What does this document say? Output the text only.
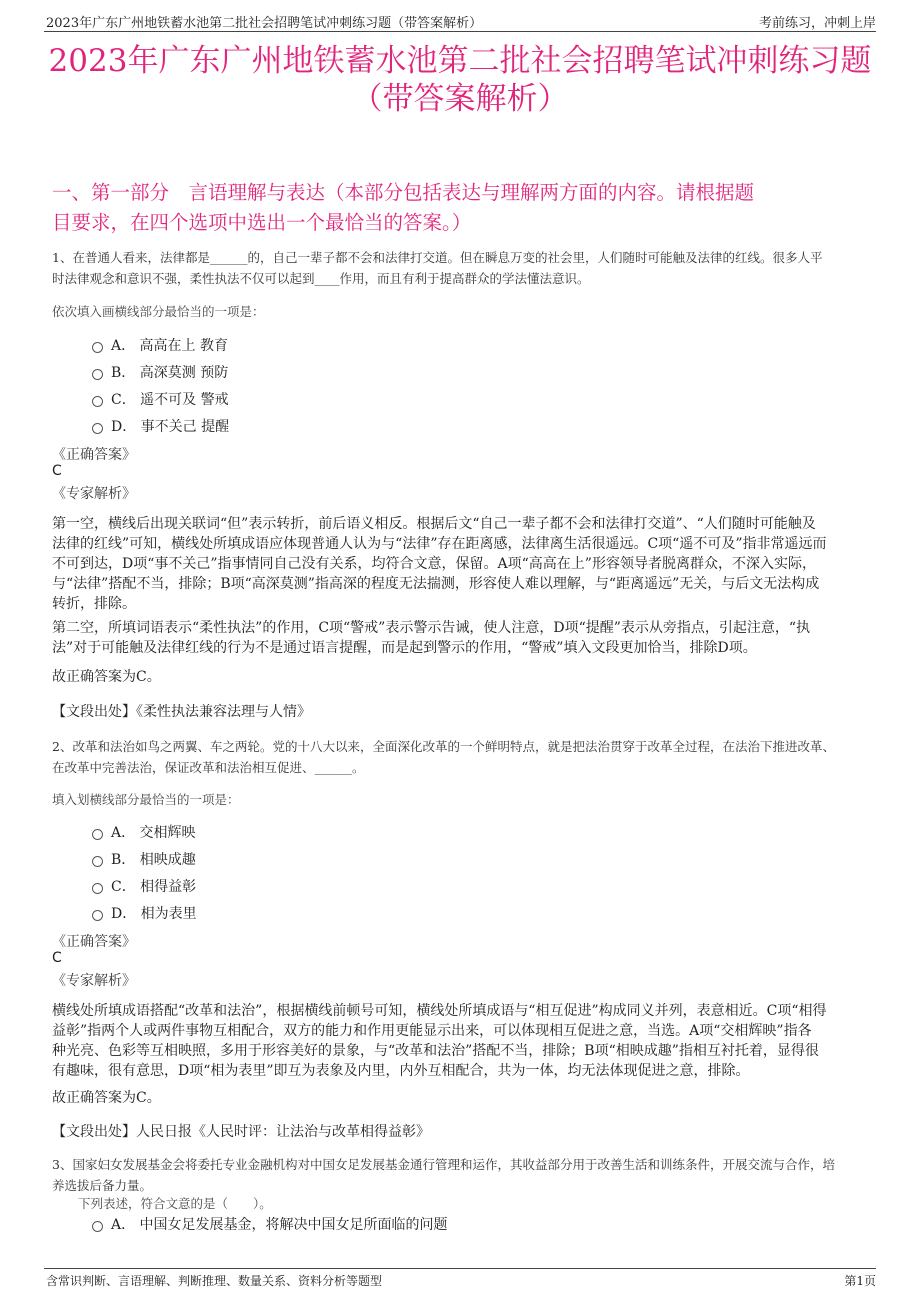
2023年广东广州地铁蓄水池第二批社会招聘笔试冲刺练习题（带答案解析）	考前练习，冲刺上岸
2023年广东广州地铁蓄水池第二批社会招聘笔试冲刺练习题
（带答案解析）
一、第一部分　言语理解与表达（本部分包括表达与理解两方面的内容。请根据题
目要求，在四个选项中选出一个最恰当的答案。）
1、在普通人看来，法律都是______的，自己一辈子都不会和法律打交道。但在瞬息万变的社会里，人们随时可能触及法律的红线。很多人平
时法律观念和意识不强，柔性执法不仅可以起到____作用，而且有利于提高群众的学法懂法意识。
依次填入画横线部分最恰当的一项是：
A． 高高在上 教育
B． 高深莫测 预防
C． 遥不可及 警戒
D． 事不关己 提醒
《正确答案》
C
《专家解析》
第一空，横线后出现关联词“但”表示转折，前后语义相反。根据后文“自己一辈子都不会和法律打交道”、“人们随时可能触及
法律的红线”可知，横线处所填成语应体现普通人认为与“法律”存在距离感，法律离生活很遥远。C项“遥不可及”指非常遥远而
不可到达，D项“事不关己”指事情同自己没有关系，均符合文意，保留。A项“高高在上”形容领导者脱离群众，不深入实际，
与“法律”搭配不当，排除；B项“高深莫测”指高深的程度无法揣测，形容使人难以理解，与“距离遥远”无关，与后文无法构成
转折，排除。
第二空，所填词语表示“柔性执法”的作用，C项“警戒”表示警示告诫，使人注意，D项“提醒”表示从旁指点，引起注意，“执
法”对于可能触及法律红线的行为不是通过语言提醒，而是起到警示的作用，“警戒”填入文段更加恰当，排除D项。
故正确答案为C。
【文段出处】《柔性执法兼容法理与人情》
2、改革和法治如鸟之两翼、车之两轮。党的十八大以来，全面深化改革的一个鲜明特点，就是把法治贯穿于改革全过程，在法治下推进改革、
在改革中完善法治，保证改革和法治相互促进、______。
填入划横线部分最恰当的一项是：
A． 交相辉映
B． 相映成趣
C． 相得益彰
D． 相为表里
《正确答案》
C
《专家解析》
横线处所填成语搭配“改革和法治”，根据横线前顿号可知，横线处所填成语与“相互促进”构成同义并列，表意相近。C项“相得
益彰”指两个人或两件事物互相配合，双方的能力和作用更能显示出来，可以体现相互促进之意，当选。A项“交相辉映”指各
种光亮、色彩等互相映照，多用于形容美好的景象，与“改革和法治”搭配不当，排除；B项“相映成趣”指相互衬托着，显得很
有趣味，很有意思，D项“相为表里”即互为表象及内里，内外互相配合，共为一体，均无法体现促进之意，排除。
故正确答案为C。
【文段出处】人民日报《人民时评：让法治与改革相得益彰》
3、国家妇女发展基金会将委托专业金融机构对中国女足发展基金通行管理和运作，其收益部分用于改善生活和训练条件，开展交流与合作，培
养选拔后备力量。
下列表述，符合文意的是（　　）。
A． 中国女足发展基金，将解决中国女足所面临的问题
含常识判断、言语理解、判断推理、数量关系、资料分析等题型	第1页
